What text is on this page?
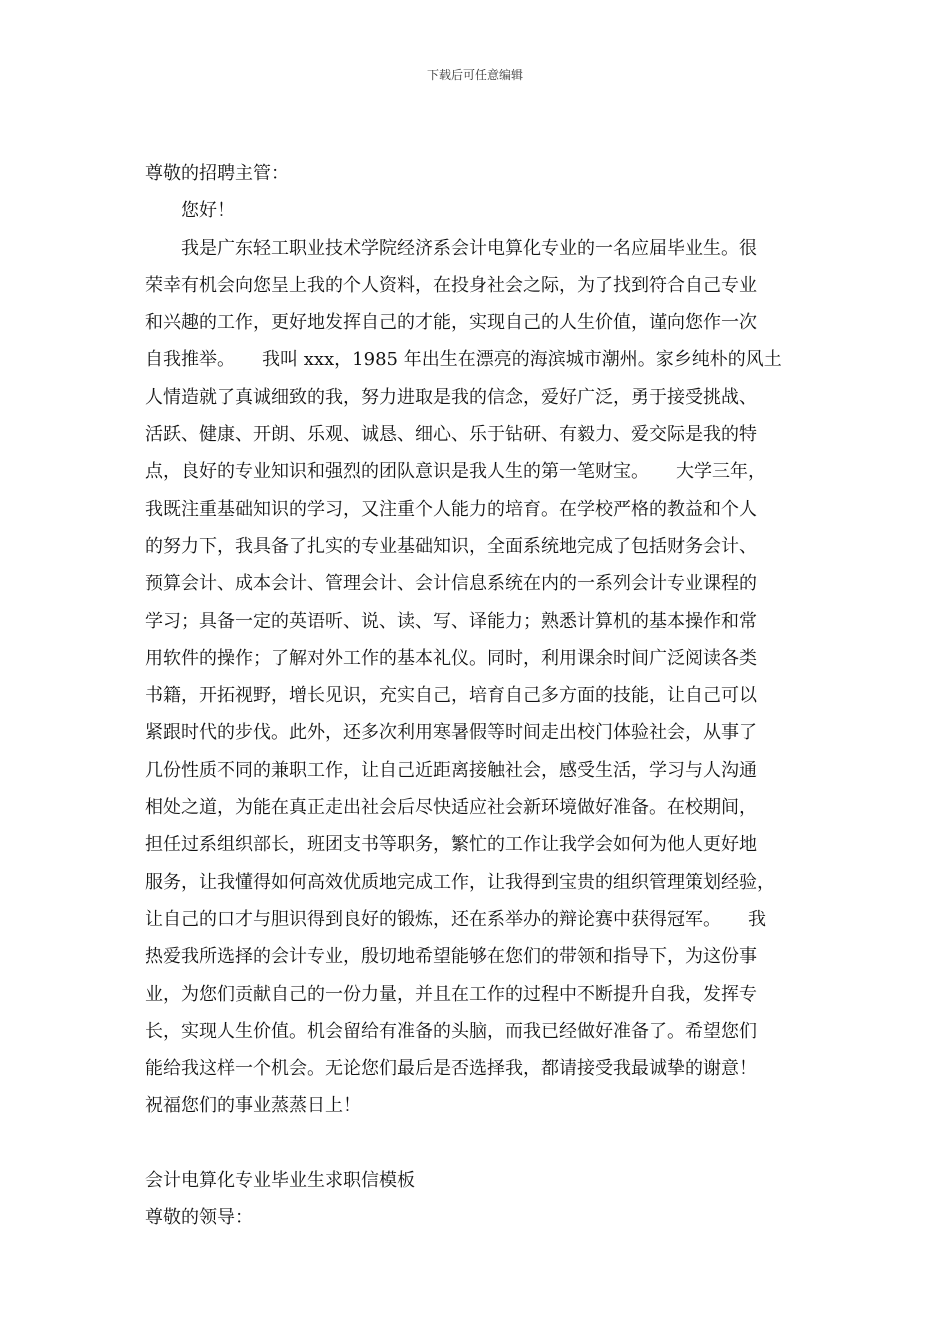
下载后可任意编辑
尊敬的招聘主管：
您好！
我是广东轻工职业技术学院经济系会计电算化专业的一名应届毕业生。很
荣幸有机会向您呈上我的个人资料，在投身社会之际，为了找到符合自己专业
和兴趣的工作，更好地发挥自己的才能，实现自己的人生价值，谨向您作一次
自我推举。　　我叫 xxx，1985 年出生在漂亮的海滨城市潮州。家乡纯朴的风土
人情造就了真诚细致的我，努力进取是我的信念，爱好广泛，勇于接受挑战、
活跃、健康、开朗、乐观、诚恳、细心、乐于钻研、有毅力、爱交际是我的特
点，良好的专业知识和强烈的团队意识是我人生的第一笔财宝。　　大学三年，
我既注重基础知识的学习，又注重个人能力的培育。在学校严格的教益和个人
的努力下，我具备了扎实的专业基础知识，全面系统地完成了包括财务会计、
预算会计、成本会计、管理会计、会计信息系统在内的一系列会计专业课程的
学习；具备一定的英语听、说、读、写、译能力；熟悉计算机的基本操作和常
用软件的操作；了解对外工作的基本礼仪。同时，利用课余时间广泛阅读各类
书籍，开拓视野，增长见识，充实自己，培育自己多方面的技能，让自己可以
紧跟时代的步伐。此外，还多次利用寒暑假等时间走出校门体验社会，从事了
几份性质不同的兼职工作，让自己近距离接触社会，感受生活，学习与人沟通
相处之道，为能在真正走出社会后尽快适应社会新环境做好准备。在校期间，
担任过系组织部长，班团支书等职务，繁忙的工作让我学会如何为他人更好地
服务，让我懂得如何高效优质地完成工作，让我得到宝贵的组织管理策划经验，
让自己的口才与胆识得到良好的锻炼，还在系举办的辩论赛中获得冠军。　　我
热爱我所选择的会计专业，殷切地希望能够在您们的带领和指导下，为这份事
业，为您们贡献自己的一份力量，并且在工作的过程中不断提升自我，发挥专
长，实现人生价值。机会留给有准备的头脑，而我已经做好准备了。希望您们
能给我这样一个机会。无论您们最后是否选择我，都请接受我最诚挚的谢意！
祝福您们的事业蒸蒸日上！
会计电算化专业毕业生求职信模板
尊敬的领导：
